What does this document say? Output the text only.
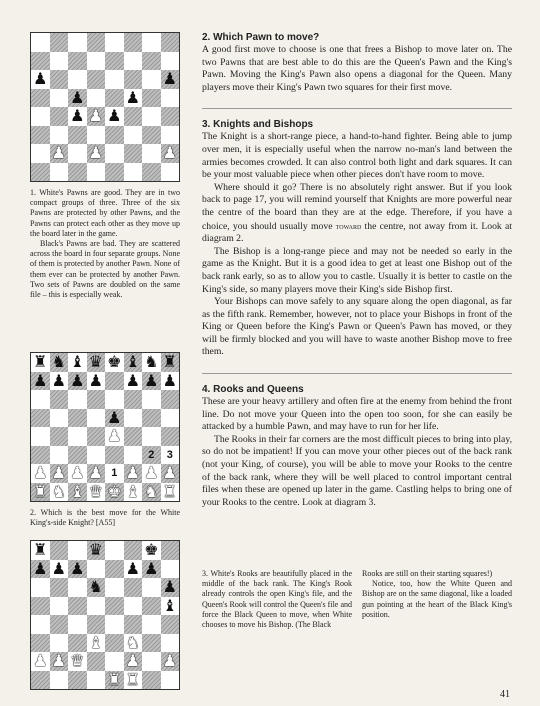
♟	♟
♟	♟
♟ ♟ ♟
♟ ♟	♟

1. White's Pawns are good. They are in two compact groups of three. Three of the six Pawns are protected by other Pawns, and the Pawns can protect each other as they move up the board later in the game.

Black's Pawns are bad. They are scattered across the board in four separate groups. None of them is protected by another Pawn. None of them ever can be protected by another Pawn. Two sets of Pawns are doubled on the same file – this is especially weak.

♜ ♞ ♝ ♛ ♚ ♝ ♞ ♜
♟ ♟ ♟ ♟ ♟ ♟ ♟
♟
♟
2	3
♟ ♟ ♟ ♟ 1 ♟ ♟ ♟
♜ ♞ ♝ ♛ ♚ ♝ ♞ ♜

2. Which is the best move for the White King's-side Knight? [A55]

♜	♛	♚
♟ ♟ ♟	♟ ♟
♞	♟
♝
♝ ♞
♟ ♟ ♛	♟ ♟
♜ ♜
2. Which Pawn to move?

A good first move to choose is one that frees a Bishop to move later on. The two Pawns that are best able to do this are the Queen's Pawn and the King's Pawn. Moving the King's Pawn also opens a diagonal for the Queen. Many players move their King's Pawn two squares for their first move.

3. Knights and Bishops

The Knight is a short-range piece, a hand-to-hand fighter. Being able to jump over men, it is especially useful when the narrow no-man's land between the armies becomes crowded. It can also control both light and dark squares. It can be your most valuable piece when other pieces don't have room to move.

Where should it go? There is no absolutely right answer. But if you look back to page 17, you will remind yourself that Knights are more powerful near the centre of the board than they are at the edge. Therefore, if you have a choice, you should usually move toward the centre, not away from it. Look at diagram 2.

The Bishop is a long-range piece and may not be needed so early in the game as the Knight. But it is a good idea to get at least one Bishop out of the back rank early, so as to allow you to castle. Usually it is better to castle on the King's side, so many players move their King's side Bishop first.

Your Bishops can move safely to any square along the open diagonal, as far as the fifth rank. Remember, however, not to place your Bishops in front of the King or Queen before the King's Pawn or Queen's Pawn has moved, or they will be firmly blocked and you will have to waste another Bishop move to free them.

4. Rooks and Queens

These are your heavy artillery and often fire at the enemy from behind the front line. Do not move your Queen into the open too soon, for she can easily be attacked by a humble Pawn, and may have to run for her life.

The Rooks in their far corners are the most difficult pieces to bring into play, so do not be impatient! If you can move your other pieces out of the back rank (not your King, of course), you will be able to move your Rooks to the centre of the back rank, where they will be well placed to control important central files when these are opened up later in the game. Castling helps to bring one of your Rooks to the centre. Look at diagram 3.

3. White's Rooks are beautifully placed in the middle of the back rank. The King's Rook already controls the open King's file, and the Queen's Rook will control the Queen's file and force the Black Queen to move, when White chooses to move his Bishop. (The Black

Rooks are still on their starting squares!)

Notice, too, how the White Queen and Bishop are on the same diagonal, like a loaded gun pointing at the heart of the Black King's position.

41
